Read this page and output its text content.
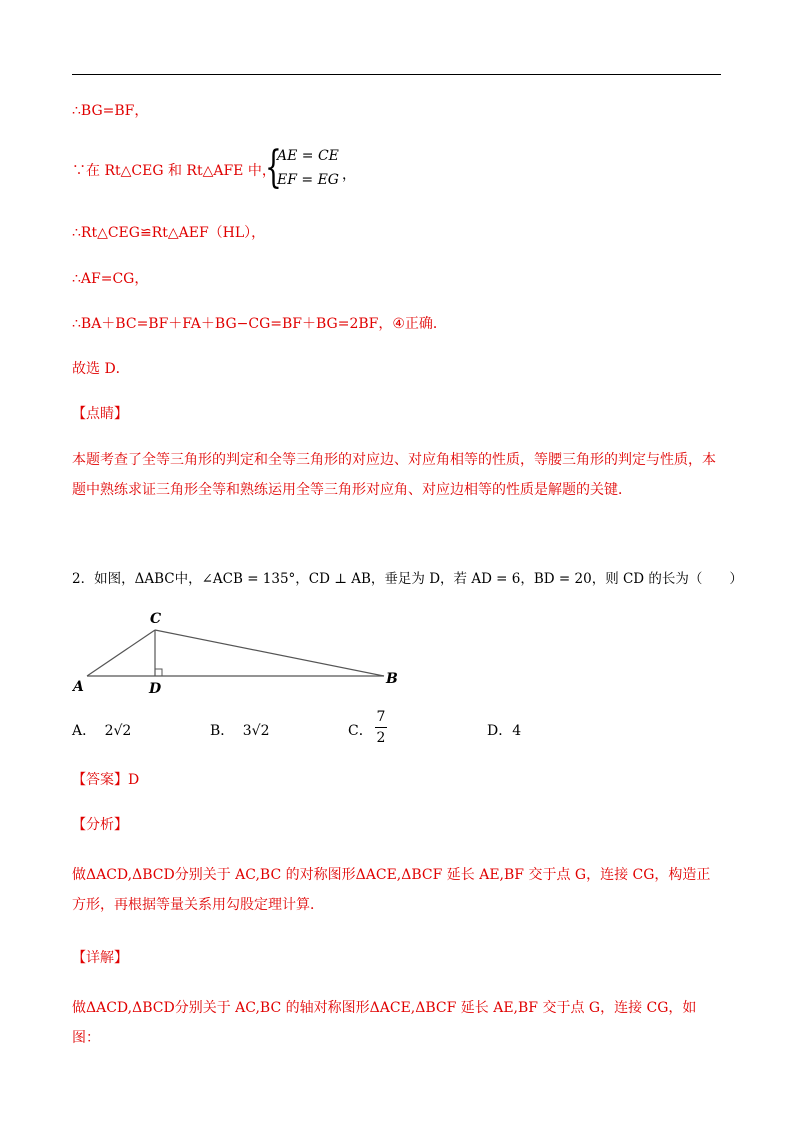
∴BG=BF，
∵在 Rt△CEG 和 Rt△AFE 中，
{
AE = CE
EF = EG ，
∴Rt△CEG≌Rt△AEF（HL），
∴AF=CG，
∴BA＋BC=BF＋FA＋BG−CG=BF＋BG=2BF，④正确．
故选 D．
【点睛】
本题考查了全等三角形的判定和全等三角形的对应边、对应角相等的性质，等腰三角形的判定与性质，本题中熟练求证三角形全等和熟练运用全等三角形对应角、对应边相等的性质是解题的关键．
2．如图，ΔABC中，∠ACB = 135°，CD ⊥ AB，垂足为 D，若 AD = 6，BD = 20，则 CD 的长为（　　）
C
A	D
B
A． 2√2	B． 3√2	C．
7
2	D．4
【答案】D
【分析】
做ΔACD,ΔBCD分别关于 AC,BC 的对称图形ΔACE,ΔBCF 延长 AE,BF 交于点 G，连接 CG，构造正方形，再根据等量关系用勾股定理计算．
【详解】
做ΔACD,ΔBCD分别关于 AC,BC 的轴对称图形ΔACE,ΔBCF 延长 AE,BF 交于点 G，连接 CG，如图：
